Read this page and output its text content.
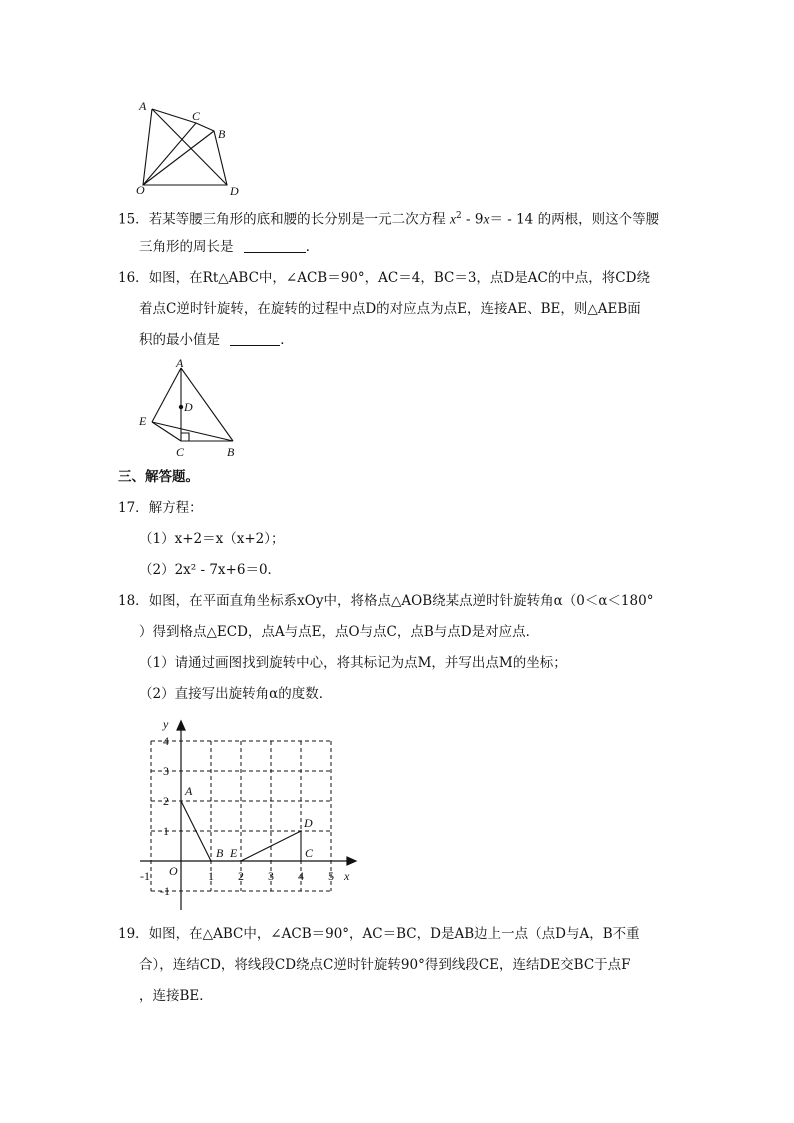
A
C
B
D
O
15．若某等腰三角形的底和腰的长分别是一元二次方程 $x^2 - 9x= - 14$ 的两根，则这个等腰
三角形的周长是	．
16．如图，在Rt△ABC中，∠ACB＝90°，AC＝4，BC＝3，点D是AC的中点，将CD绕
着点C逆时针旋转，在旋转的过程中点D的对应点为点E，连接AE、BE，则△AEB面
积的最小值是	．
A
D
E
C	B
三、解答题。
17．解方程：
（1）x+2＝x（x+2）；
（2）2x² - 7x+6＝0．
18．如图，在平面直角坐标系xOy中，将格点△AOB绕某点逆时针旋转角α（0＜α＜180°
）得到格点△ECD，点A与点E，点O与点C，点B与点D是对应点．
（1）请通过画图找到旋转中心，将其标记为点M，并写出点M的坐标；
（2）直接写出旋转角α的度数．
y
x
O
-1	1 2 3 4 5
4
3
2
1
-1
A
B E	C
D
19．如图，在△ABC中，∠ACB＝90°，AC＝BC，D是AB边上一点（点D与A，B不重
合），连结CD，将线段CD绕点C逆时针旋转90°得到线段CE，连结DE交BC于点F
，连接BE．
